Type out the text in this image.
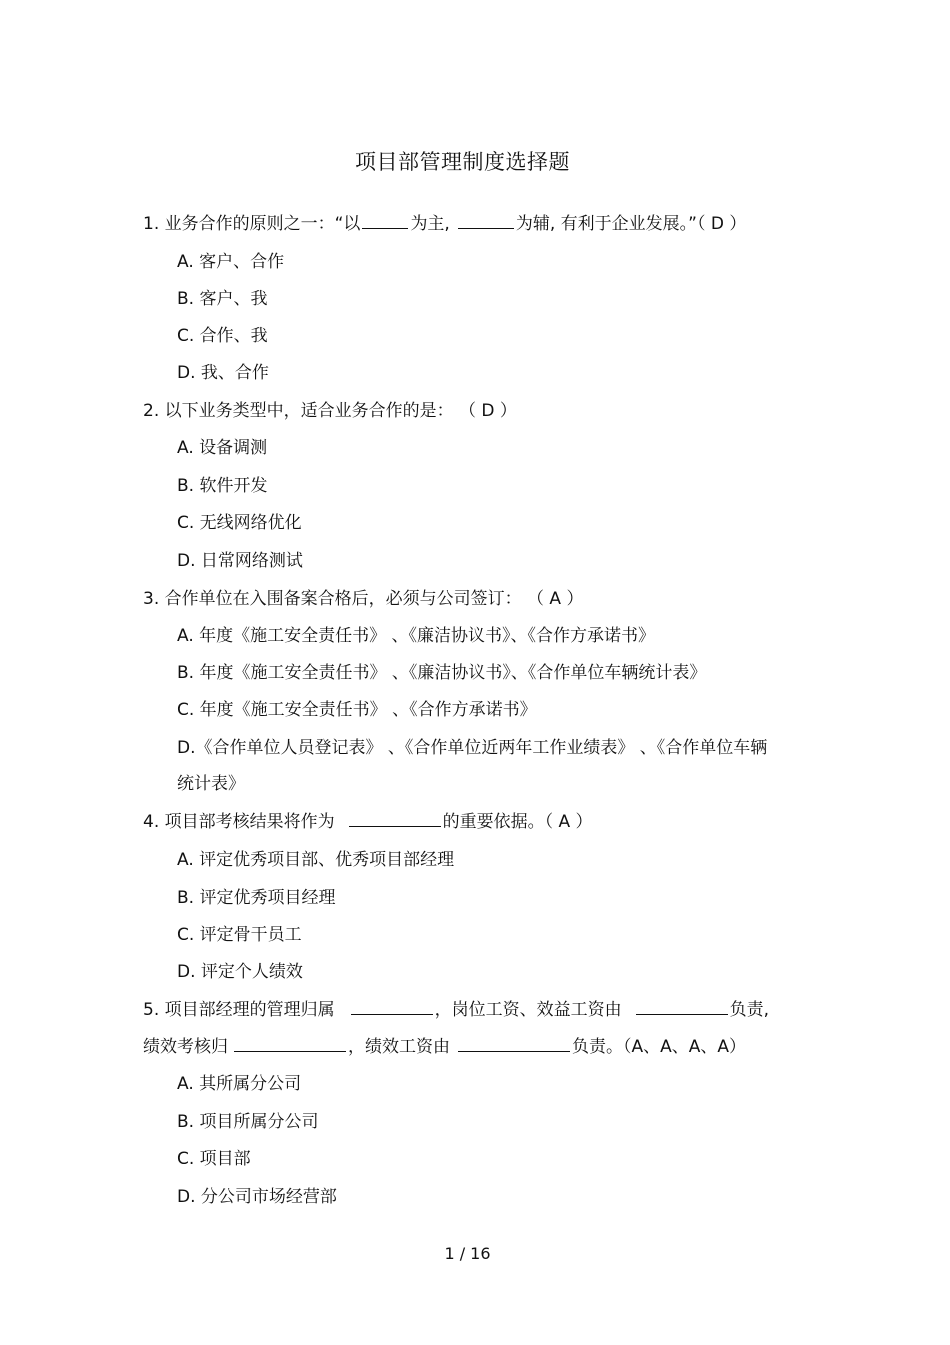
项目部管理制度选择题
1. 业务合作的原则之一：“以	为主,	为辅, 有利于企业发展。”（ D ）
A. 客户、合作
B. 客户、我
C. 合作、我
D. 我、合作
2. 以下业务类型中，适合业务合作的是： （ D ）
A. 设备调测
B. 软件开发
C. 无线网络优化
D. 日常网络测试
3. 合作单位在入围备案合格后，必须与公司签订： （ A ）
A. 年度《施工安全责任书》 、《廉洁协议书》、《合作方承诺书》
B. 年度《施工安全责任书》 、《廉洁协议书》、《合作单位车辆统计表》
C. 年度《施工安全责任书》 、《合作方承诺书》
D.《合作单位人员登记表》 、《合作单位近两年工作业绩表》 、《合作单位车辆
统计表》
4. 项目部考核结果将作为	的重要依据。（ A ）
A. 评定优秀项目部、优秀项目部经理
B. 评定优秀项目经理
C. 评定骨干员工
D. 评定个人绩效
5. 项目部经理的管理归属	，岗位工资、效益工资由	负责,
绩效考核归	，绩效工资由	负责。（A、A、A、A）
A. 其所属分公司
B. 项目所属分公司
C. 项目部
D. 分公司市场经营部
1 / 16
